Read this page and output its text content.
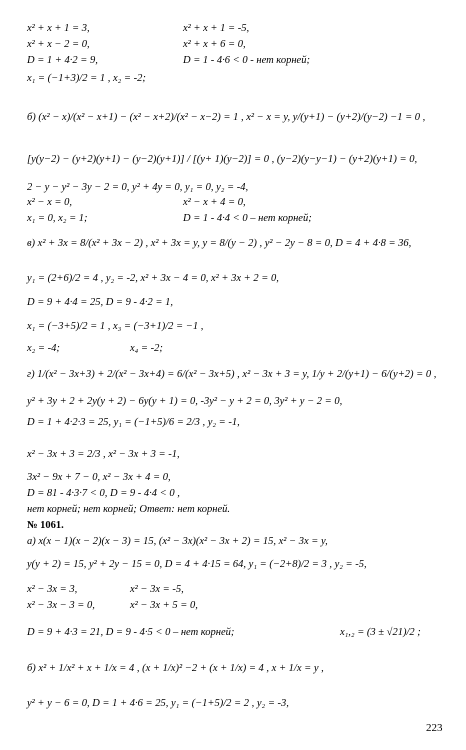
x² + x + 1 = 3,	x² + x + 1 = -5,
x² + x − 2 = 0,	x² + x + 6 = 0,
D = 1 + 4·2 = 9,	D = 1 - 4·6 < 0 - нет корней;
x₁ = (−1+3)/2 = 1 , x₂ = -2;
б) (x² − x)/(x² − x+1) − (x² − x+2)/(x² − x−2) = 1 , x² − x = y, y/(y+1) − (y+2)/(y−2) −1 = 0 ,
[y(y−2) − (y+2)(y+1) − (y−2)(y+1)] / [(y+ 1)(y−2)] = 0 , (y−2)(y−y−1) − (y+2)(y+1) = 0,
2 − y − y² − 3y − 2 = 0, y² + 4y = 0, y₁ = 0, y₂ = -4,
x² − x = 0,	x² − x + 4 = 0,
x₁ = 0, x₂ = 1;	D = 1 - 4·4 < 0 – нет корней;
в) x² + 3x = 8/(x² + 3x − 2) , x² + 3x = y, y = 8/(y − 2) , y² − 2y − 8 = 0, D = 4 + 4·8 = 36,
y₁ = (2+6)/2 = 4 , y₂ = -2, x² + 3x − 4 = 0, x² + 3x + 2 = 0,
D = 9 + 4·4 = 25, D = 9 - 4·2 = 1,
x₁ = (−3+5)/2 = 1 , x₃ = (−3+1)/2 = −1 ,
x₂ = -4;	x₄ = -2;
г) 1/(x² − 3x+3) + 2/(x² − 3x+4) = 6/(x² − 3x+5) , x² − 3x + 3 = y, 1/y + 2/(y+1) − 6/(y+2) = 0 ,
y² + 3y + 2 + 2y(y + 2) − 6y(y + 1) = 0, -3y² − y + 2 = 0, 3y² + y − 2 = 0,
D = 1 + 4·2·3 = 25, y₁ = (−1+5)/6 = 2/3 , y₂ = -1,
x² − 3x + 3 = 2/3 , x² − 3x + 3 = -1,
3x² − 9x + 7 − 0, x² − 3x + 4 = 0,
D = 81 - 4·3·7 < 0, D = 9 - 4·4 < 0 ,
нет корней; нет корней; Ответ: нет корней.
№ 1061.
а) x(x − 1)(x − 2)(x − 3) = 15, (x² − 3x)(x² − 3x + 2) = 15, x² − 3x = y,
y(y + 2) = 15, y² + 2y − 15 = 0, D = 4 + 4·15 = 64, y₁ = (−2+8)/2 = 3 , y₂ = -5,
x² − 3x = 3,	x² − 3x = -5,
x² − 3x − 3 = 0,	x² − 3x + 5 = 0,
D = 9 + 4·3 = 21, D = 9 - 4·5 < 0 – нет корней;	x₁,₂ = (3 ± √21)/2 ;
б) x² + 1/x² + x + 1/x = 4 , (x + 1/x)² −2 + (x + 1/x) = 4 , x + 1/x = y ,
y² + y − 6 = 0, D = 1 + 4·6 = 25, y₁ = (−1+5)/2 = 2 , y₂ = -3,
223
